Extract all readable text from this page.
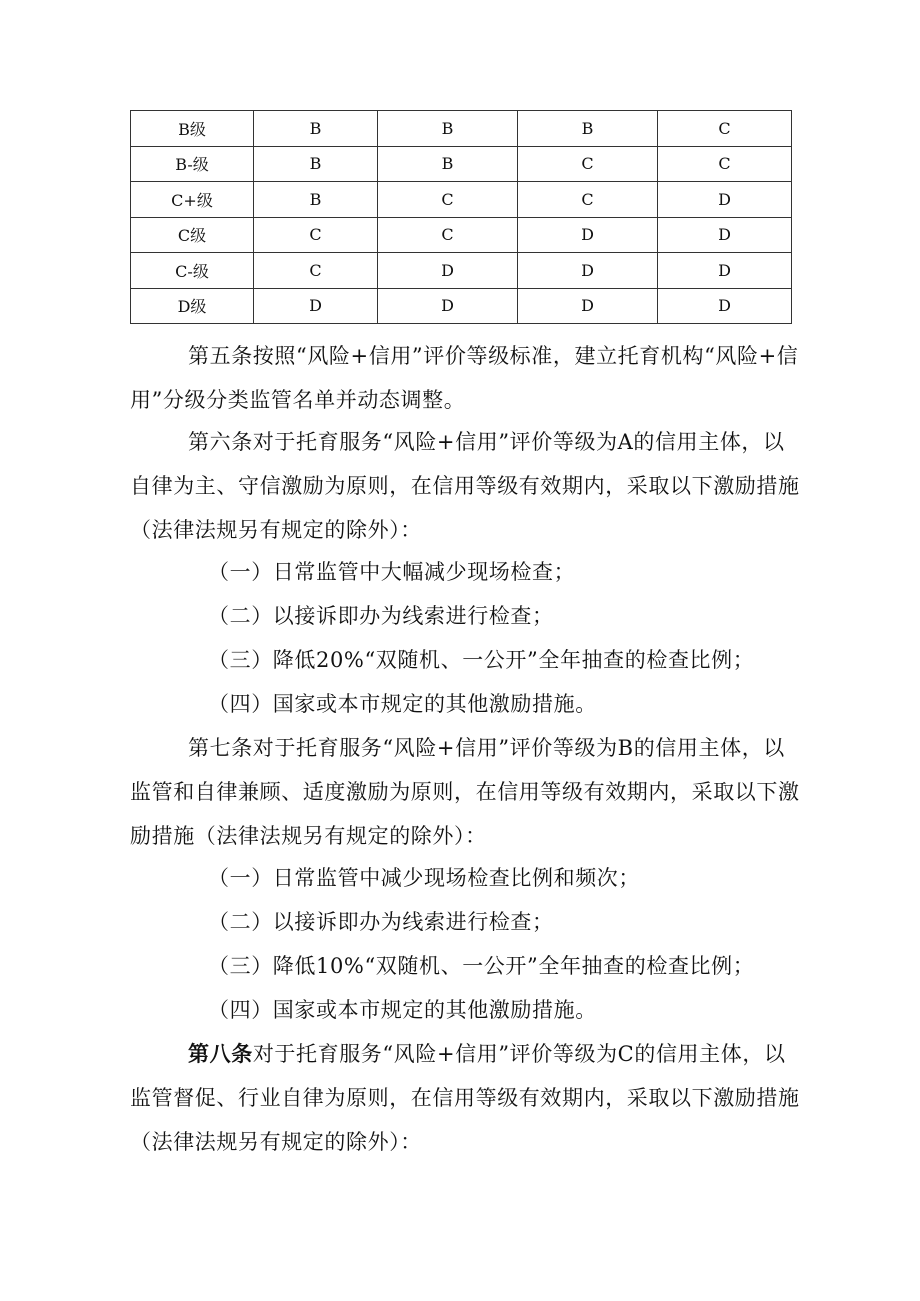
B级	B	B	B	C
B-级	B	B	C	C
C+级	B	C	C	D
C级	C	C	D	D
C-级	C	D	D	D
D级	D	D	D	D

第五条按照“风险+信用”评价等级标准，建立托育机构“风险+信用”分级分类监管名单并动态调整。

第六条对于托育服务“风险+信用”评价等级为A的信用主体，以自律为主、守信激励为原则，在信用等级有效期内，采取以下激励措施（法律法规另有规定的除外）：

（一）日常监管中大幅减少现场检查；

（二）以接诉即办为线索进行检查；

（三）降低20%“双随机、一公开”全年抽查的检查比例；

（四）国家或本市规定的其他激励措施。

第七条对于托育服务“风险+信用”评价等级为B的信用主体，以监管和自律兼顾、适度激励为原则，在信用等级有效期内，采取以下激励措施（法律法规另有规定的除外）：

（一）日常监管中减少现场检查比例和频次；

（二）以接诉即办为线索进行检查；

（三）降低10%“双随机、一公开”全年抽查的检查比例；

（四）国家或本市规定的其他激励措施。

第八条对于托育服务“风险+信用”评价等级为C的信用主体，以监管督促、行业自律为原则，在信用等级有效期内，采取以下激励措施（法律法规另有规定的除外）：
